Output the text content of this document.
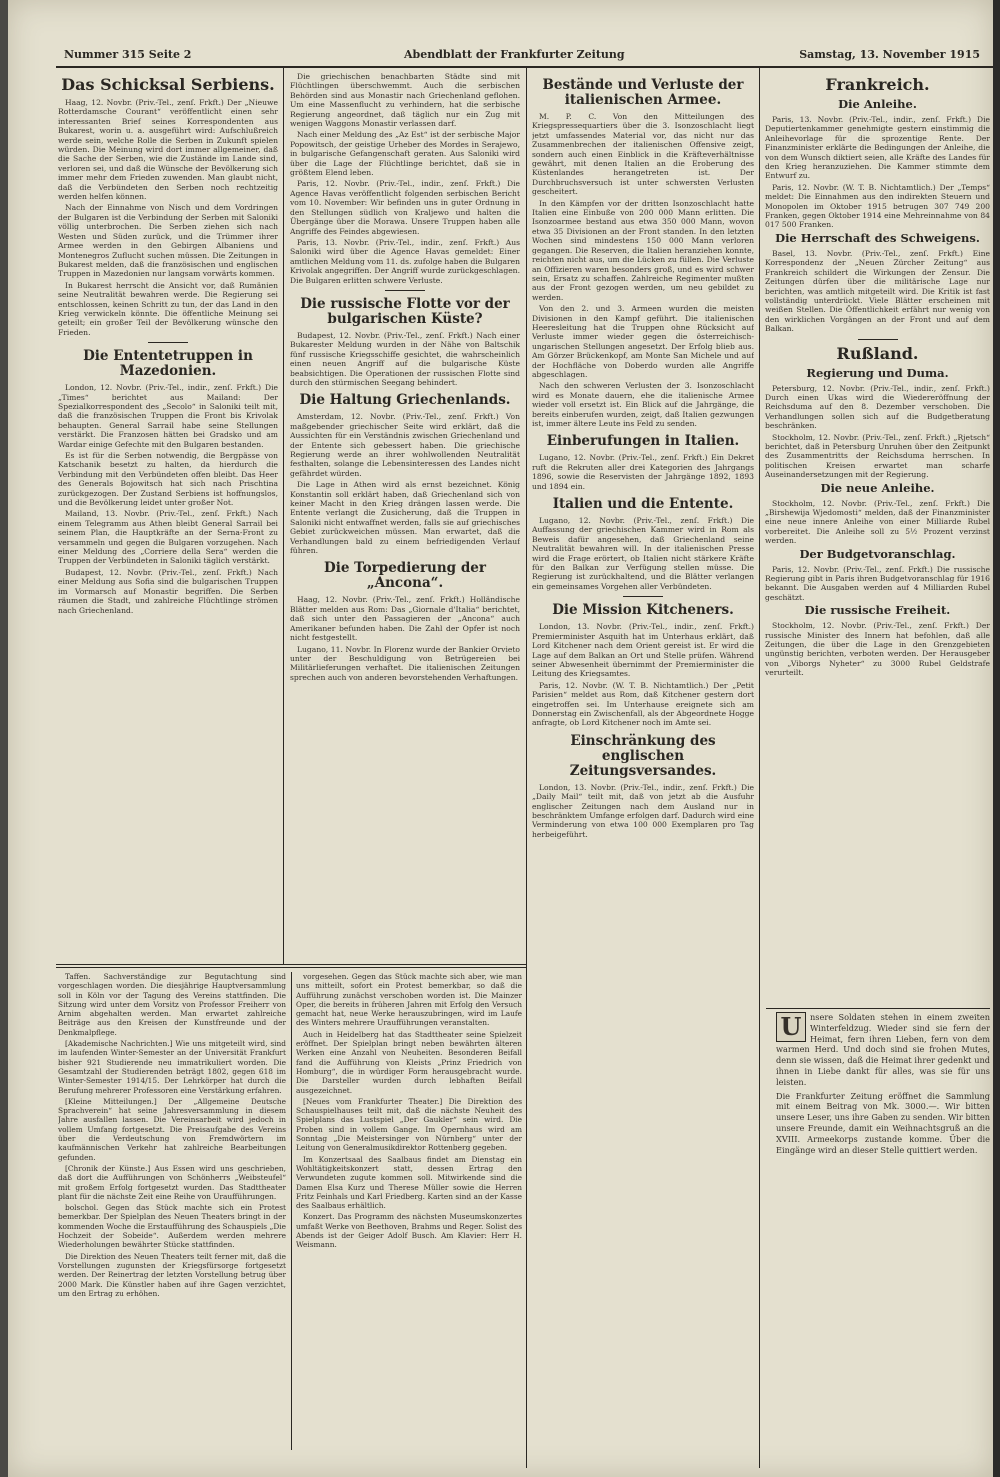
Nummer 315 Seite 2	Abendblatt der Frankfurter Zeitung	Samstag, 13. November 1915
Das Schicksal Serbiens.

Haag, 12. Novbr. (Priv.-Tel., zenſ. Frkft.) Der „Nieuwe Rotterdamsche Courant“ veröffentlicht einen sehr interessanten Brief seines Korrespondenten aus Bukarest, worin u. a. ausgeführt wird: Aufschlußreich werde sein, welche Rolle die Serben in Zukunft spielen würden. Die Meinung wird dort immer allgemeiner, daß die Sache der Serben, wie die Zustände im Lande sind, verloren sei, und daß die Wünsche der Bevölkerung sich immer mehr dem Frieden zuwenden. Man glaubt nicht, daß die Verbündeten den Serben noch rechtzeitig werden helfen können.

Nach der Einnahme von Nisch und dem Vordringen der Bulgaren ist die Verbindung der Serben mit Saloniki völlig unterbrochen. Die Serben ziehen sich nach Westen und Süden zurück, und die Trümmer ihrer Armee werden in den Gebirgen Albaniens und Montenegros Zuflucht suchen müssen. Die Zeitungen in Bukarest melden, daß die französischen und englischen Truppen in Mazedonien nur langsam vorwärts kommen.

In Bukarest herrscht die Ansicht vor, daß Rumänien seine Neutralität bewahren werde. Die Regierung sei entschlossen, keinen Schritt zu tun, der das Land in den Krieg verwickeln könnte. Die öffentliche Meinung sei geteilt; ein großer Teil der Bevölkerung wünsche den Frieden.

Die Ententetruppen in Mazedonien.

London, 12. Novbr. (Priv.-Tel., indir., zenſ. Frkft.) Die „Times“ berichtet aus Mailand: Der Spezialkorrespondent des „Secolo“ in Saloniki teilt mit, daß die französischen Truppen die Front bis Krivolak behaupten. General Sarrail habe seine Stellungen verstärkt. Die Franzosen hätten bei Gradsko und am Wardar einige Gefechte mit den Bulgaren bestanden.

Es ist für die Serben notwendig, die Bergpässe von Katschanik besetzt zu halten, da hierdurch die Verbindung mit den Verbündeten offen bleibt. Das Heer des Generals Bojowitsch hat sich nach Prischtina zurückgezogen. Der Zustand Serbiens ist hoffnungslos, und die Bevölkerung leidet unter großer Not.

Mailand, 13. Novbr. (Priv.-Tel., zenſ. Frkft.) Nach einem Telegramm aus Athen bleibt General Sarrail bei seinem Plan, die Hauptkräfte an der Serna-Front zu versammeln und gegen die Bulgaren vorzugehen. Nach einer Meldung des „Corriere della Sera“ werden die Truppen der Verbündeten in Saloniki täglich verstärkt.

Budapest, 12. Novbr. (Priv.-Tel., zenſ. Frkft.) Nach einer Meldung aus Sofia sind die bulgarischen Truppen im Vormarsch auf Monastir begriffen. Die Serben räumen die Stadt, und zahlreiche Flüchtlinge strömen nach Griechenland.

Die griechischen benachbarten Städte sind mit Flüchtlingen überschwemmt. Auch die serbischen Behörden sind aus Monastir nach Griechenland geflohen. Um eine Massenflucht zu verhindern, hat die serbische Regierung angeordnet, daß täglich nur ein Zug mit wenigen Waggons Monastir verlassen darf.

Nach einer Meldung des „Az Est“ ist der serbische Major Popowitsch, der geistige Urheber des Mordes in Serajewo, in bulgarische Gefangenschaft geraten. Aus Saloniki wird über die Lage der Flüchtlinge berichtet, daß sie in größtem Elend leben.

Paris, 12. Novbr. (Priv.-Tel., indir., zenſ. Frkft.) Die Agence Havas veröffentlicht folgenden serbischen Bericht vom 10. November: Wir befinden uns in guter Ordnung in den Stellungen südlich von Kraljewo und halten die Übergänge über die Morawa. Unsere Truppen haben alle Angriffe des Feindes abgewiesen.

Paris, 13. Novbr. (Priv.-Tel., indir., zenſ. Frkft.) Aus Saloniki wird über die Agence Havas gemeldet: Einer amtlichen Meldung vom 11. ds. zufolge haben die Bulgaren Krivolak angegriffen. Der Angriff wurde zurückgeschlagen. Die Bulgaren erlitten schwere Verluste.

Die russische Flotte vor der bulgarischen Küste?

Budapest, 12. Novbr. (Priv.-Tel., zenſ. Frkft.) Nach einer Bukarester Meldung wurden in der Nähe von Baltschik fünf russische Kriegsschiffe gesichtet, die wahrscheinlich einen neuen Angriff auf die bulgarische Küste beabsichtigen. Die Operationen der russischen Flotte sind durch den stürmischen Seegang behindert.

Die Haltung Griechenlands.

Amsterdam, 12. Novbr. (Priv.-Tel., zenſ. Frkft.) Von maßgebender griechischer Seite wird erklärt, daß die Aussichten für ein Verständnis zwischen Griechenland und der Entente sich gebessert haben. Die griechische Regierung werde an ihrer wohlwollenden Neutralität festhalten, solange die Lebensinteressen des Landes nicht gefährdet würden.

Die Lage in Athen wird als ernst bezeichnet. König Konstantin soll erklärt haben, daß Griechenland sich von keiner Macht in den Krieg drängen lassen werde. Die Entente verlangt die Zusicherung, daß die Truppen in Saloniki nicht entwaffnet werden, falls sie auf griechisches Gebiet zurückweichen müssen. Man erwartet, daß die Verhandlungen bald zu einem befriedigenden Verlauf führen.

Die Torpedierung der „Ancona“.

Haag, 12. Novbr. (Priv.-Tel., zenſ. Frkft.) Holländische Blätter melden aus Rom: Das „Giornale d'Italia“ berichtet, daß sich unter den Passagieren der „Ancona“ auch Amerikaner befunden haben. Die Zahl der Opfer ist noch nicht festgestellt.

Lugano, 11. Novbr. In Florenz wurde der Bankier Orvieto unter der Beschuldigung von Betrügereien bei Militärlieferungen verhaftet. Die italienischen Zeitungen sprechen auch von anderen bevorstehenden Verhaftungen.

Bestände und Verluste der italienischen Armee.

M. P. C. Von den Mitteilungen des Kriegspressequartiers über die 3. Isonzoschlacht liegt jetzt umfassendes Material vor, das nicht nur das Zusammenbrechen der italienischen Offensive zeigt, sondern auch einen Einblick in die Kräfteverhältnisse gewährt, mit denen Italien an die Eroberung des Küstenlandes herangetreten ist. Der Durchbruchsversuch ist unter schwersten Verlusten gescheitert.

In den Kämpfen vor der dritten Isonzoschlacht hatte Italien eine Einbuße von 200 000 Mann erlitten. Die Isonzoarmee bestand aus etwa 350 000 Mann, wovon etwa 35 Divisionen an der Front standen. In den letzten Wochen sind mindestens 150 000 Mann verloren gegangen. Die Reserven, die Italien heranziehen konnte, reichten nicht aus, um die Lücken zu füllen. Die Verluste an Offizieren waren besonders groß, und es wird schwer sein, Ersatz zu schaffen. Zahlreiche Regimenter mußten aus der Front gezogen werden, um neu gebildet zu werden.

Von den 2. und 3. Armeen wurden die meisten Divisionen in den Kampf geführt. Die italienischen Heeresleitung hat die Truppen ohne Rücksicht auf Verluste immer wieder gegen die österreichisch-ungarischen Stellungen angesetzt. Der Erfolg blieb aus. Am Görzer Brückenkopf, am Monte San Michele und auf der Hochfläche von Doberdo wurden alle Angriffe abgeschlagen.

Nach den schweren Verlusten der 3. Isonzoschlacht wird es Monate dauern, ehe die italienische Armee wieder voll ersetzt ist. Ein Blick auf die Jahrgänge, die bereits einberufen wurden, zeigt, daß Italien gezwungen ist, immer ältere Leute ins Feld zu senden.

Einberufungen in Italien.

Lugano, 12. Novbr. (Priv.-Tel., zenſ. Frkft.) Ein Dekret ruft die Rekruten aller drei Kategorien des Jahrgangs 1896, sowie die Reservisten der Jahrgänge 1892, 1893 und 1894 ein.

Italien und die Entente.

Lugano, 12. Novbr. (Priv.-Tel., zenſ. Frkft.) Die Auffassung der griechischen Kammer wird in Rom als Beweis dafür angesehen, daß Griechenland seine Neutralität bewahren will. In der italienischen Presse wird die Frage erörtert, ob Italien nicht stärkere Kräfte für den Balkan zur Verfügung stellen müsse. Die Regierung ist zurückhaltend, und die Blätter verlangen ein gemeinsames Vorgehen aller Verbündeten.

Die Mission Kitcheners.

London, 13. Novbr. (Priv.-Tel., indir., zenſ. Frkft.) Premierminister Asquith hat im Unterhaus erklärt, daß Lord Kitchener nach dem Orient gereist ist. Er wird die Lage auf dem Balkan an Ort und Stelle prüfen. Während seiner Abwesenheit übernimmt der Premierminister die Leitung des Kriegsamtes.

Paris, 12. Novbr. (W. T. B. Nichtamtlich.) Der „Petit Parisien“ meldet aus Rom, daß Kitchener gestern dort eingetroffen sei. Im Unterhause ereignete sich am Donnerstag ein Zwischenfall, als der Abgeordnete Hogge anfragte, ob Lord Kitchener noch im Amte sei.

Einschränkung des englischen Zeitungsversandes.

London, 13. Novbr. (Priv.-Tel., indir., zenſ. Frkft.) Die „Daily Mail“ teilt mit, daß von jetzt ab die Ausfuhr englischer Zeitungen nach dem Ausland nur in beschränktem Umfange erfolgen darf. Dadurch wird eine Verminderung von etwa 100 000 Exemplaren pro Tag herbeigeführt.

Frankreich.
Die Anleihe.

Paris, 13. Novbr. (Priv.-Tel., indir., zenſ. Frkft.) Die Deputiertenkammer genehmigte gestern einstimmig die Anleihevorlage für die sprozentige Rente. Der Finanzminister erklärte die Bedingungen der Anleihe, die von dem Wunsch diktiert seien, alle Kräfte des Landes für den Krieg heranzuziehen. Die Kammer stimmte dem Entwurf zu.

Paris, 12. Novbr. (W. T. B. Nichtamtlich.) Der „Temps“ meldet: Die Einnahmen aus den indirekten Steuern und Monopolen im Oktober 1915 betrugen 307 749 200 Franken, gegen Oktober 1914 eine Mehreinnahme von 84 017 500 Franken.

Die Herrschaft des Schweigens.

Basel, 13. Novbr. (Priv.-Tel., zenſ. Frkft.) Eine Korrespondenz der „Neuen Zürcher Zeitung“ aus Frankreich schildert die Wirkungen der Zensur. Die Zeitungen dürfen über die militärische Lage nur berichten, was amtlich mitgeteilt wird. Die Kritik ist fast vollständig unterdrückt. Viele Blätter erscheinen mit weißen Stellen. Die Öffentlichkeit erfährt nur wenig von den wirklichen Vorgängen an der Front und auf dem Balkan.

Rußland.
Regierung und Duma.

Petersburg, 12. Novbr. (Priv.-Tel., indir., zenſ. Frkft.) Durch einen Ukas wird die Wiedereröffnung der Reichsduma auf den 8. Dezember verschoben. Die Verhandlungen sollen sich auf die Budgetberatung beschränken.

Stockholm, 12. Novbr. (Priv.-Tel., zenſ. Frkft.) „Rjetsch“ berichtet, daß in Petersburg Unruhen über den Zeitpunkt des Zusammentritts der Reichsduma herrschen. In politischen Kreisen erwartet man scharfe Auseinandersetzungen mit der Regierung.

Die neue Anleihe.

Stockholm, 12. Novbr. (Priv.-Tel., zenſ. Frkft.) Die „Birshewija Wjedomosti“ melden, daß der Finanzminister eine neue innere Anleihe von einer Milliarde Rubel vorbereitet. Die Anleihe soll zu 5½ Prozent verzinst werden.

Der Budgetvoranschlag.

Paris, 12. Novbr. (Priv.-Tel., zenſ. Frkft.) Die russische Regierung gibt in Paris ihren Budgetvoranschlag für 1916 bekannt. Die Ausgaben werden auf 4 Milliarden Rubel geschätzt.

Die russische Freiheit.

Stockholm, 12. Novbr. (Priv.-Tel., zenſ. Frkft.) Der russische Minister des Innern hat befohlen, daß alle Zeitungen, die über die Lage in den Grenzgebieten ungünstig berichten, verboten werden. Der Herausgeber von „Viborgs Nyheter“ zu 3000 Rubel Geldstrafe verurteilt.

Taffen. Sachverständige zur Begutachtung sind vorgeschlagen worden. Die diesjährige Hauptversammlung soll in Köln vor der Tagung des Vereins stattfinden. Die Sitzung wird unter dem Vorsitz von Professor Freiherr von Arnim abgehalten werden. Man erwartet zahlreiche Beiträge aus den Kreisen der Kunstfreunde und der Denkmalpflege.

[Akademische Nachrichten.] Wie uns mitgeteilt wird, sind im laufenden Winter-Semester an der Universität Frankfurt bisher 921 Studierende neu immatrikuliert worden. Die Gesamtzahl der Studierenden beträgt 1802, gegen 618 im Winter-Semester 1914/15. Der Lehrkörper hat durch die Berufung mehrerer Professoren eine Verstärkung erfahren.

[Kleine Mitteilungen.] Der „Allgemeine Deutsche Sprachverein“ hat seine Jahresversammlung in diesem Jahre ausfallen lassen. Die Vereinsarbeit wird jedoch in vollem Umfang fortgesetzt. Die Preisaufgabe des Vereins über die Verdeutschung von Fremdwörtern im kaufmännischen Verkehr hat zahlreiche Bearbeitungen gefunden.

[Chronik der Künste.] Aus Essen wird uns geschrieben, daß dort die Aufführungen von Schönherrs „Weibsteufel“ mit großem Erfolg fortgesetzt wurden. Das Stadttheater plant für die nächste Zeit eine Reihe von Uraufführungen.

bolschol. Gegen das Stück machte sich ein Protest bemerkbar. Der Spielplan des Neuen Theaters bringt in der kommenden Woche die Erstaufführung des Schauspiels „Die Hochzeit der Sobeide“. Außerdem werden mehrere Wiederholungen bewährter Stücke stattfinden.

Die Direktion des Neuen Theaters teilt ferner mit, daß die Vorstellungen zugunsten der Kriegsfürsorge fortgesetzt werden. Der Reinertrag der letzten Vorstellung betrug über 2000 Mark. Die Künstler haben auf ihre Gagen verzichtet, um den Ertrag zu erhöhen.

vorgesehen. Gegen das Stück machte sich aber, wie man uns mitteilt, sofort ein Protest bemerkbar, so daß die Aufführung zunächst verschoben worden ist. Die Mainzer Oper, die bereits in früheren Jahren mit Erfolg den Versuch gemacht hat, neue Werke herauszubringen, wird im Laufe des Winters mehrere Uraufführungen veranstalten.

Auch in Heidelberg hat das Stadttheater seine Spielzeit eröffnet. Der Spielplan bringt neben bewährten älteren Werken eine Anzahl von Neuheiten. Besonderen Beifall fand die Aufführung von Kleists „Prinz Friedrich von Homburg“, die in würdiger Form herausgebracht wurde. Die Darsteller wurden durch lebhaften Beifall ausgezeichnet.

[Neues vom Frankfurter Theater.] Die Direktion des Schauspielhauses teilt mit, daß die nächste Neuheit des Spielplans das Lustspiel „Der Gaukler“ sein wird. Die Proben sind in vollem Gange. Im Opernhaus wird am Sonntag „Die Meistersinger von Nürnberg“ unter der Leitung von Generalmusikdirektor Rottenberg gegeben.

Im Konzertsaal des Saalbaus findet am Dienstag ein Wohltätigkeitskonzert statt, dessen Ertrag den Verwundeten zugute kommen soll. Mitwirkende sind die Damen Elsa Kurz und Therese Müller sowie die Herren Fritz Feinhals und Karl Friedberg. Karten sind an der Kasse des Saalbaus erhältlich.

Konzert. Das Programm des nächsten Museumskonzertes umfaßt Werke von Beethoven, Brahms und Reger. Solist des Abends ist der Geiger Adolf Busch. Am Klavier: Herr H. Weismann.

U	nsere Soldaten stehen in einem zweiten Winterfeldzug. Wieder sind sie fern der Heimat, fern ihren Lieben, fern von dem warmen Herd. Und doch sind sie frohen Mutes, denn sie wissen, daß die Heimat ihrer gedenkt und ihnen in Liebe dankt für alles, was sie für uns leisten.

Die Frankfurter Zeitung eröffnet die Sammlung mit einem Beitrag von Mk. 3000.—. Wir bitten unsere Leser, uns ihre Gaben zu senden. Wir bitten unsere Freunde, damit ein Weihnachtsgruß an die XVIII. Armeekorps zustande komme. Über die Eingänge wird an dieser Stelle quittiert werden.
